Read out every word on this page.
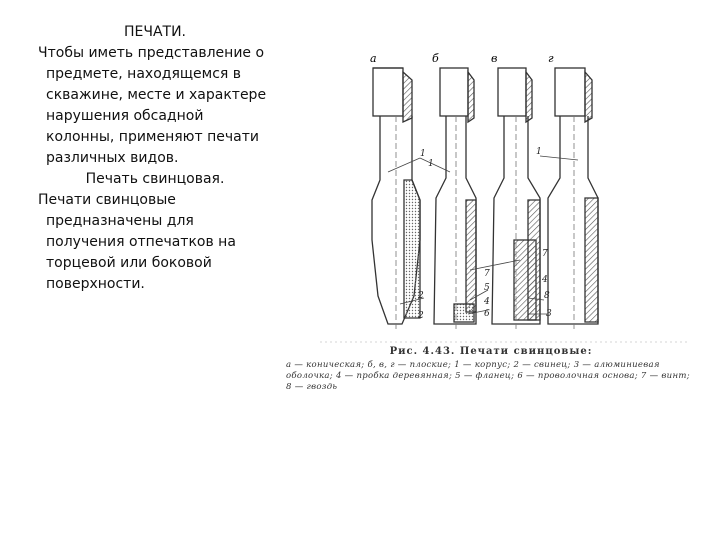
ПЕЧАТИ.

Чтобы иметь представление о
предмете, находящемся в
скважине, месте и характере
нарушения обсадной
колонны, применяют печати
различных видов.

Печать свинцовая.

Печати свинцовые
предназначены для
получения отпечатков на
торцевой или боковой
поверхности.

а	б	в	г
1
1
1
2
7
5
4
6
7
4
8
3
2
Рис. 4.43. Печати свинцовые:
а — коническая; б, в, г — плоские; 1 — корпус; 2 — свинец; 3 — алюминиевая оболочка; 4 — пробка деревянная; 5 — фланец; 6 — проволочная основа; 7 — винт; 8 — гвоздь
